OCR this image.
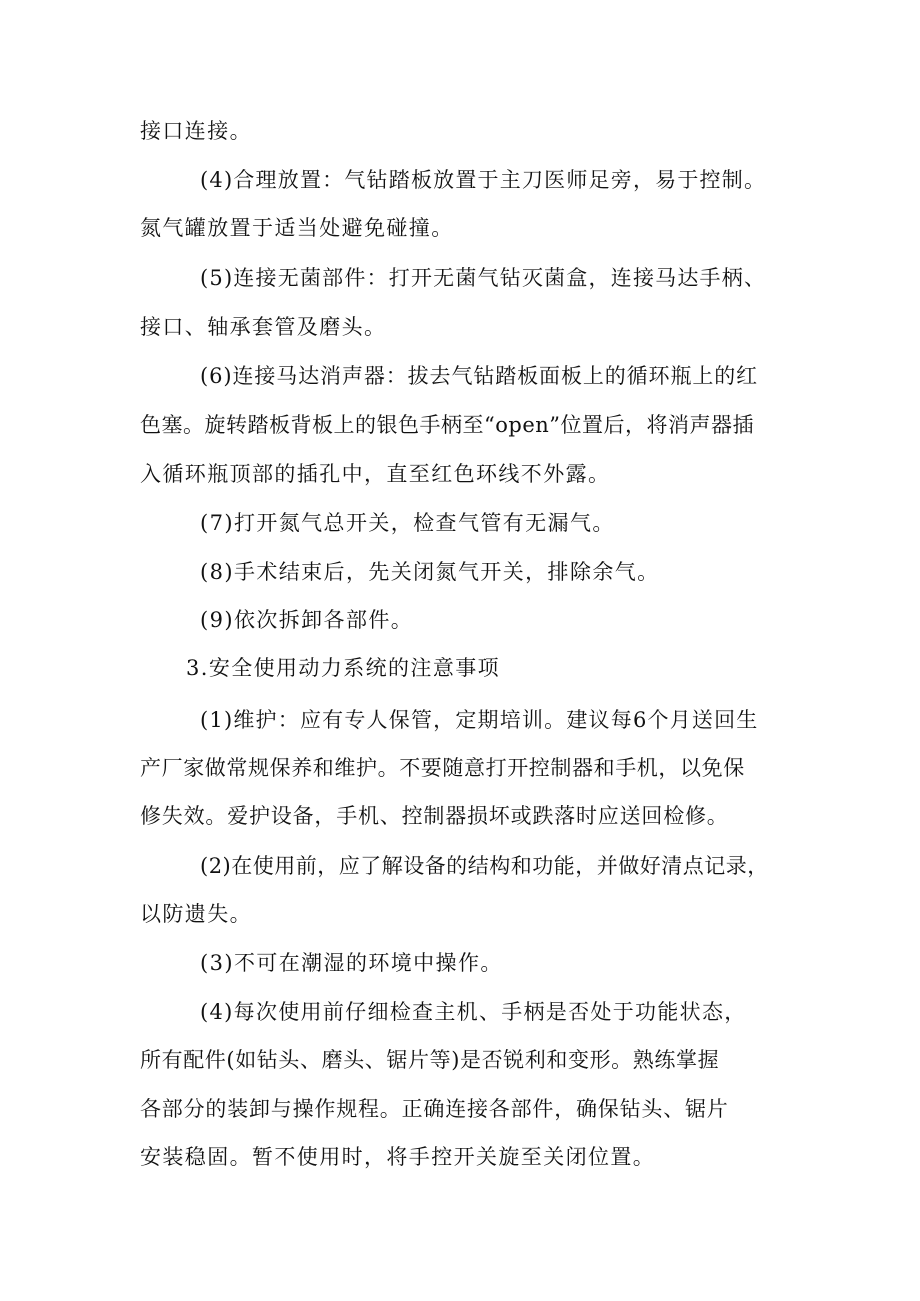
接口连接。
(4)合理放置：气钻踏板放置于主刀医师足旁，易于控制。
氮气罐放置于适当处避免碰撞。
(5)连接无菌部件：打开无菌气钻灭菌盒，连接马达手柄、
接口、轴承套管及磨头。
(6)连接马达消声器：拔去气钻踏板面板上的循环瓶上的红
色塞。旋转踏板背板上的银色手柄至“open”位置后，将消声器插
入循环瓶顶部的插孔中，直至红色环线不外露。
(7)打开氮气总开关，检查气管有无漏气。
(8)手术结束后，先关闭氮气开关，排除余气。
(9)依次拆卸各部件。
3.安全使用动力系统的注意事项
(1)维护：应有专人保管，定期培训。建议每6个月送回生
产厂家做常规保养和维护。不要随意打开控制器和手机，以免保
修失效。爱护设备，手机、控制器损坏或跌落时应送回检修。
(2)在使用前，应了解设备的结构和功能，并做好清点记录，
以防遗失。
(3)不可在潮湿的环境中操作。
(4)每次使用前仔细检查主机、手柄是否处于功能状态，
所有配件(如钻头、磨头、锯片等)是否锐利和变形。熟练掌握
各部分的装卸与操作规程。正确连接各部件，确保钻头、锯片
安装稳固。暂不使用时，将手控开关旋至关闭位置。
